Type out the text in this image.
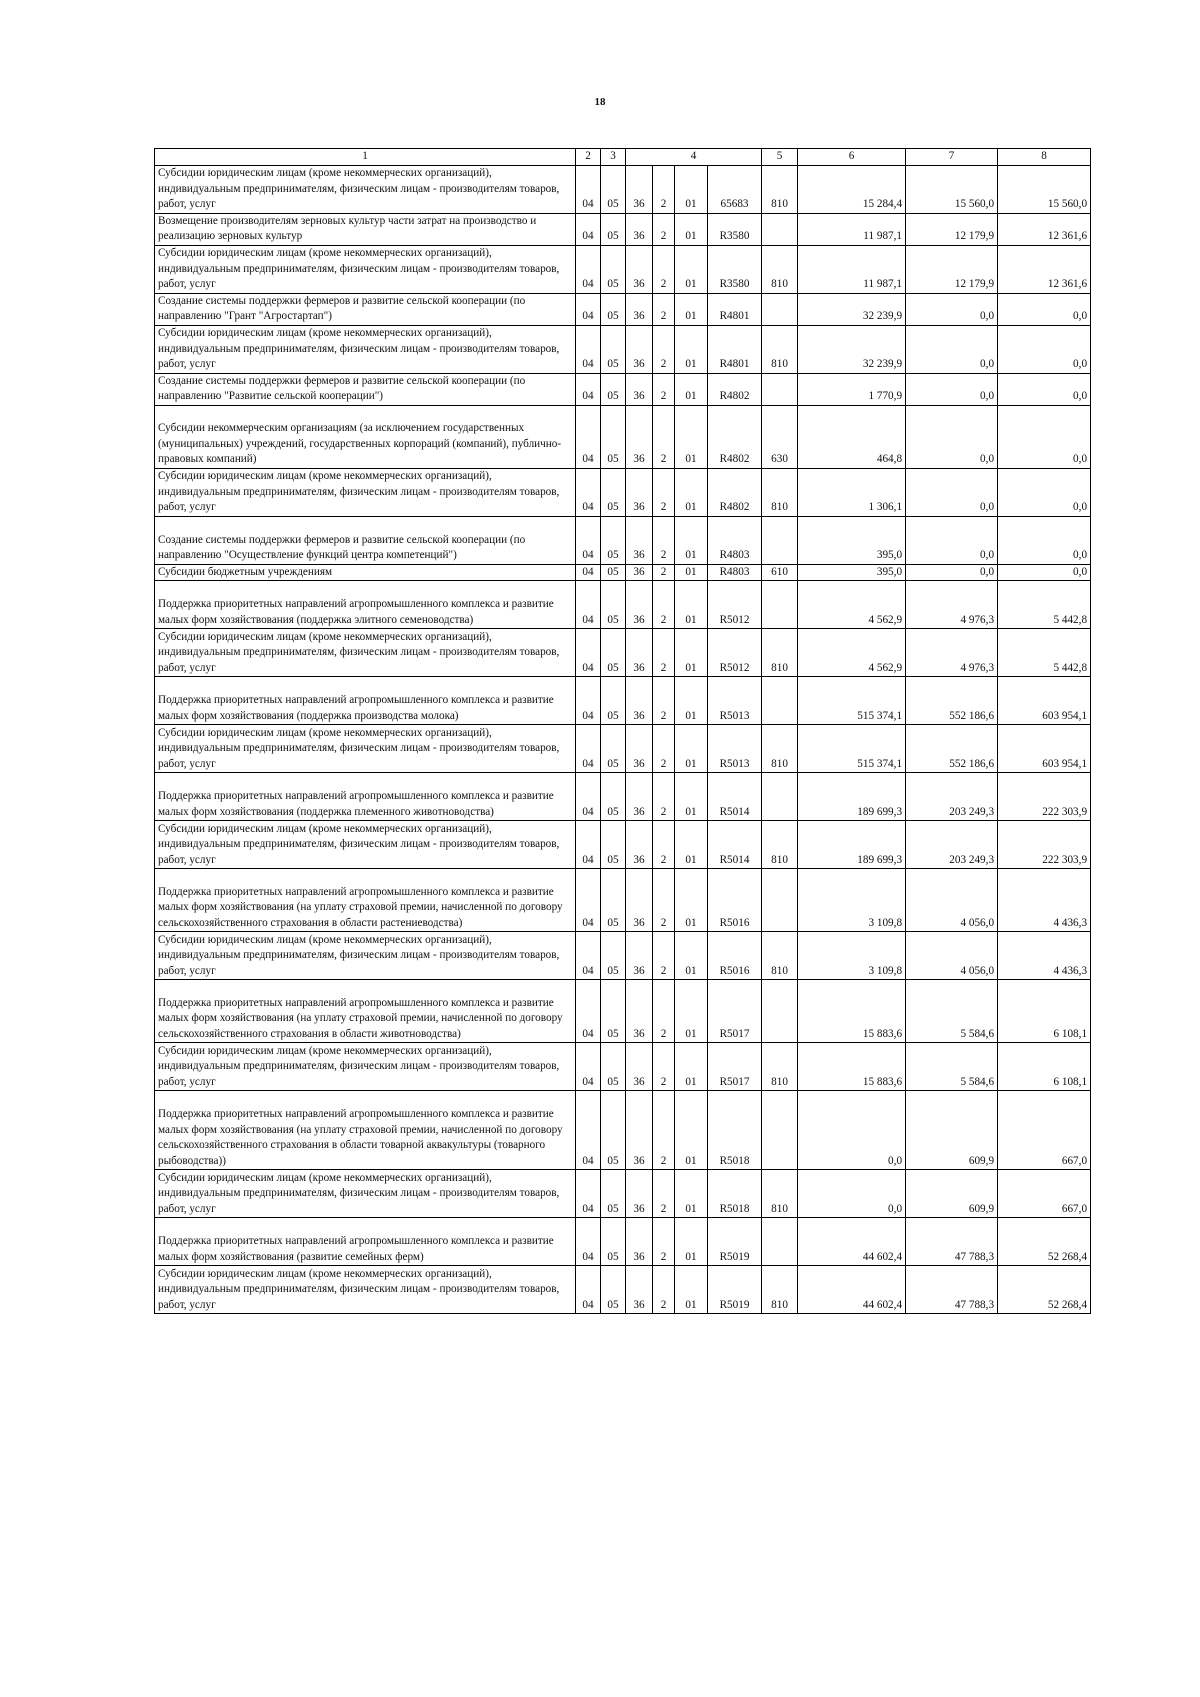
18
1	2	3	4				5	6	7	8
Субсидии юридическим лицам (кроме некоммерческих организаций), индивидуальным предпринимателям, физическим лицам - производителям товаров, работ, услуг	04	05	36	2	01	65683	810	15 284,4	15 560,0	15 560,0
Возмещение производителям зерновых культур части затрат на производство и реализацию зерновых культур	04	05	36	2	01	R3580		11 987,1	12 179,9	12 361,6
Субсидии юридическим лицам (кроме некоммерческих организаций), индивидуальным предпринимателям, физическим лицам - производителям товаров, работ, услуг	04	05	36	2	01	R3580	810	11 987,1	12 179,9	12 361,6
Создание системы поддержки фермеров и развитие сельской кооперации (по направлению "Грант "Агростартап")	04	05	36	2	01	R4801		32 239,9	0,0	0,0
Субсидии юридическим лицам (кроме некоммерческих организаций), индивидуальным предпринимателям, физическим лицам - производителям товаров, работ, услуг	04	05	36	2	01	R4801	810	32 239,9	0,0	0,0
Создание системы поддержки фермеров и развитие сельской кооперации (по направлению "Развитие сельской кооперации")	04	05	36	2	01	R4802		1 770,9	0,0	0,0
Субсидии некоммерческим организациям (за исключением государственных (муниципальных) учреждений, государственных корпораций (компаний), публично-правовых компаний)	04	05	36	2	01	R4802	630	464,8	0,0	0,0
Субсидии юридическим лицам (кроме некоммерческих организаций), индивидуальным предпринимателям, физическим лицам - производителям товаров, работ, услуг	04	05	36	2	01	R4802	810	1 306,1	0,0	0,0
Создание системы поддержки фермеров и развитие сельской кооперации (по направлению "Осуществление функций центра компетенций")	04	05	36	2	01	R4803		395,0	0,0	0,0
Субсидии бюджетным учреждениям	04	05	36	2	01	R4803	610	395,0	0,0	0,0
Поддержка приоритетных направлений агропромышленного комплекса и развитие малых форм хозяйствования (поддержка элитного семеноводства)	04	05	36	2	01	R5012		4 562,9	4 976,3	5 442,8
Субсидии юридическим лицам (кроме некоммерческих организаций), индивидуальным предпринимателям, физическим лицам - производителям товаров, работ, услуг	04	05	36	2	01	R5012	810	4 562,9	4 976,3	5 442,8
Поддержка приоритетных направлений агропромышленного комплекса и развитие малых форм хозяйствования (поддержка производства молока)	04	05	36	2	01	R5013		515 374,1	552 186,6	603 954,1
Субсидии юридическим лицам (кроме некоммерческих организаций), индивидуальным предпринимателям, физическим лицам - производителям товаров, работ, услуг	04	05	36	2	01	R5013	810	515 374,1	552 186,6	603 954,1
Поддержка приоритетных направлений агропромышленного комплекса и развитие малых форм хозяйствования (поддержка племенного животноводства)	04	05	36	2	01	R5014		189 699,3	203 249,3	222 303,9
Субсидии юридическим лицам (кроме некоммерческих организаций), индивидуальным предпринимателям, физическим лицам - производителям товаров, работ, услуг	04	05	36	2	01	R5014	810	189 699,3	203 249,3	222 303,9
Поддержка приоритетных направлений агропромышленного комплекса и развитие малых форм хозяйствования (на уплату страховой премии, начисленной по договору сельскохозяйственного страхования в области растениеводства)	04	05	36	2	01	R5016		3 109,8	4 056,0	4 436,3
Субсидии юридическим лицам (кроме некоммерческих организаций), индивидуальным предпринимателям, физическим лицам - производителям товаров, работ, услуг	04	05	36	2	01	R5016	810	3 109,8	4 056,0	4 436,3
Поддержка приоритетных направлений агропромышленного комплекса и развитие малых форм хозяйствования (на уплату страховой премии, начисленной по договору сельскохозяйственного страхования в области животноводства)	04	05	36	2	01	R5017		15 883,6	5 584,6	6 108,1
Субсидии юридическим лицам (кроме некоммерческих организаций), индивидуальным предпринимателям, физическим лицам - производителям товаров, работ, услуг	04	05	36	2	01	R5017	810	15 883,6	5 584,6	6 108,1
Поддержка приоритетных направлений агропромышленного комплекса и развитие малых форм хозяйствования (на уплату страховой премии, начисленной по договору сельскохозяйственного страхования в области товарной аквакультуры (товарного рыбоводства))	04	05	36	2	01	R5018		0,0	609,9	667,0
Субсидии юридическим лицам (кроме некоммерческих организаций), индивидуальным предпринимателям, физическим лицам - производителям товаров, работ, услуг	04	05	36	2	01	R5018	810	0,0	609,9	667,0
Поддержка приоритетных направлений агропромышленного комплекса и развитие малых форм хозяйствования (развитие семейных ферм)	04	05	36	2	01	R5019		44 602,4	47 788,3	52 268,4
Субсидии юридическим лицам (кроме некоммерческих организаций), индивидуальным предпринимателям, физическим лицам - производителям товаров, работ, услуг	04	05	36	2	01	R5019	810	44 602,4	47 788,3	52 268,4
